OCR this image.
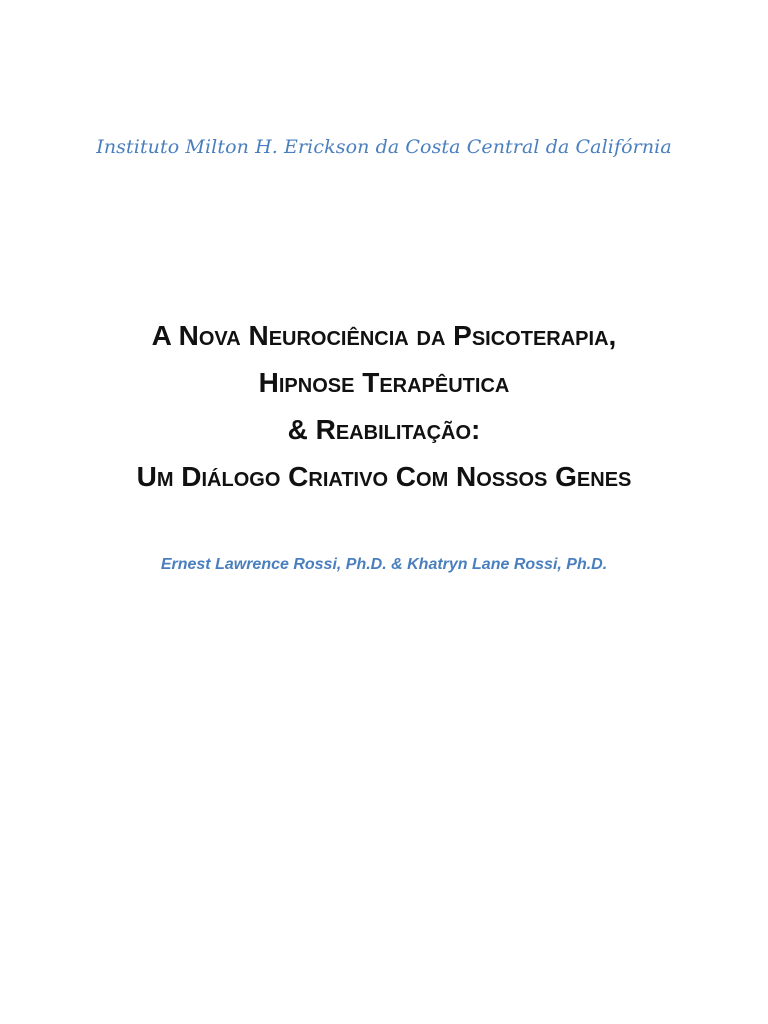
Instituto Milton H. Erickson da Costa Central da Califórnia
A Nova Neurociência da Psicoterapia,
Hipnose Terapêutica
& Reabilitação:
Um Diálogo Criativo Com Nossos Genes
Ernest Lawrence Rossi, Ph.D. & Khatryn Lane Rossi, Ph.D.
